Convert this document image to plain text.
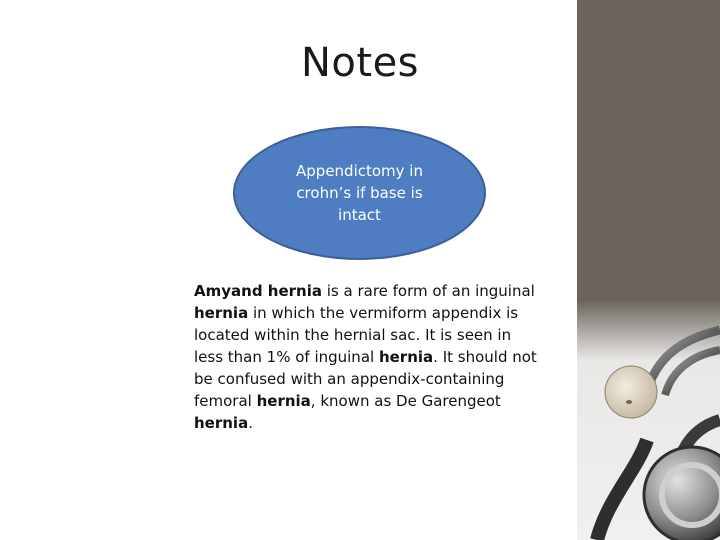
Notes
Appendictomy in
crohn’s if base is
intact
Amyand hernia is a rare form of an inguinal hernia in which the vermiform appendix is located within the hernial sac. It is seen in less than 1% of inguinal hernia. It should not be confused with an appendix-containing femoral hernia, known as De Garengeot hernia.
